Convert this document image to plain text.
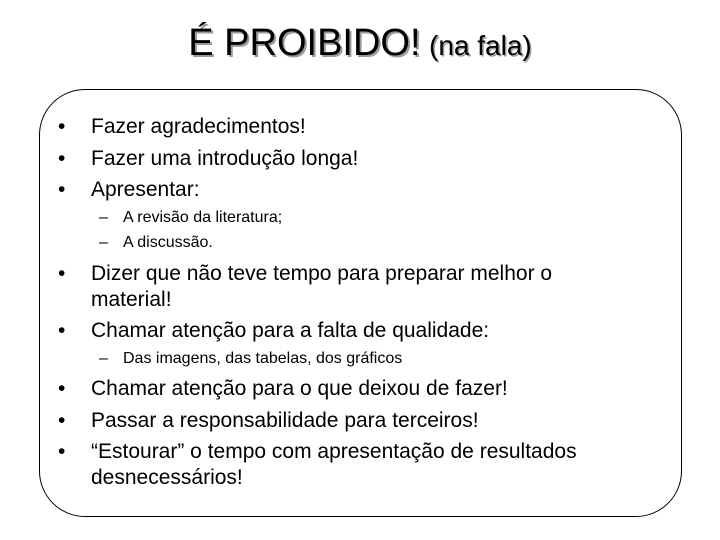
É PROIBIDO! (na fala)
• Fazer agradecimentos!
• Fazer uma introdução longa!
• Apresentar:
– A revisão da literatura;
– A discussão.
• Dizer que não teve tempo para preparar melhor o
material!
• Chamar atenção para a falta de qualidade:
– Das imagens, das tabelas, dos gráficos
• Chamar atenção para o que deixou de fazer!
• Passar a responsabilidade para terceiros!
• “Estourar” o tempo com apresentação de resultados
desnecessários!
